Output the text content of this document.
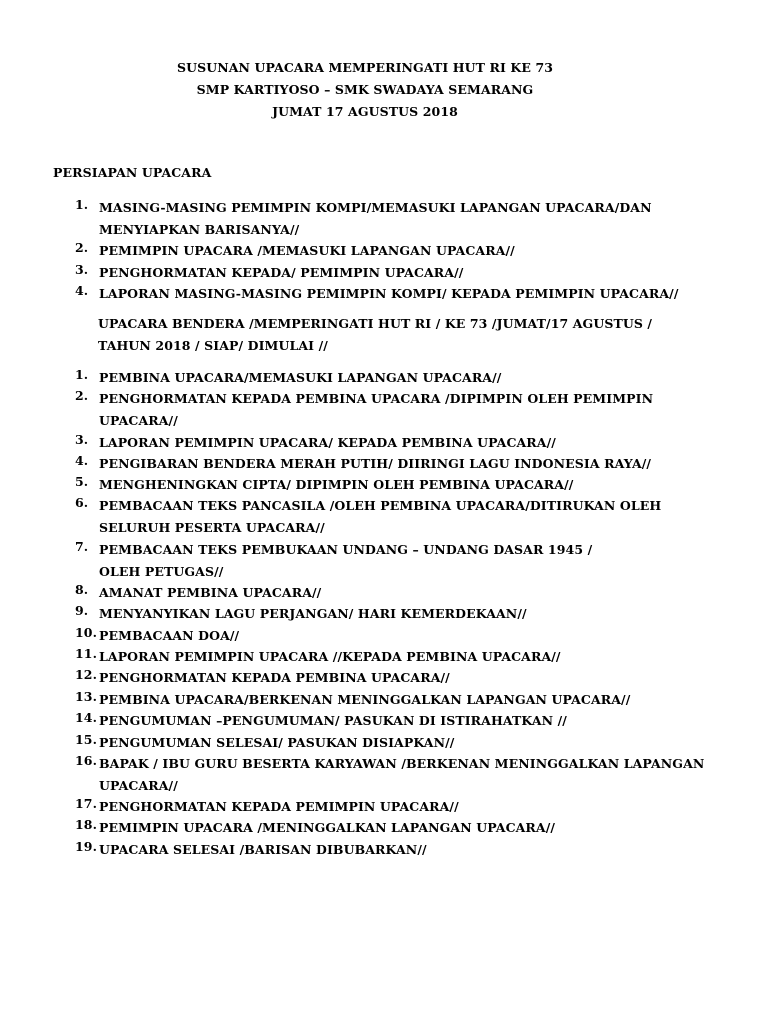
SUSUNAN UPACARA MEMPERINGATI HUT RI KE 73
SMP KARTIYOSO – SMK SWADAYA SEMARANG
JUMAT 17 AGUSTUS 2018
PERSIAPAN UPACARA
1. MASING-MASING PEMIMPIN KOMPI/MEMASUKI LAPANGAN UPACARA/DAN
MENYIAPKAN BARISANYA//
2. PEMIMPIN UPACARA /MEMASUKI LAPANGAN UPACARA//
3. PENGHORMATAN KEPADA/ PEMIMPIN UPACARA//
4. LAPORAN MASING-MASING PEMIMPIN KOMPI/ KEPADA PEMIMPIN UPACARA//
UPACARA BENDERA /MEMPERINGATI HUT RI / KE 73 /JUMAT/17 AGUSTUS /
TAHUN 2018 / SIAP/ DIMULAI //
1. PEMBINA UPACARA/MEMASUKI LAPANGAN UPACARA//
2. PENGHORMATAN KEPADA PEMBINA UPACARA /DIPIMPIN OLEH PEMIMPIN
UPACARA//
3. LAPORAN PEMIMPIN UPACARA/ KEPADA PEMBINA UPACARA//
4. PENGIBARAN BENDERA MERAH PUTIH/ DIIRINGI LAGU INDONESIA RAYA//
5. MENGHENINGKAN CIPTA/ DIPIMPIN OLEH PEMBINA UPACARA//
6. PEMBACAAN TEKS PANCASILA /OLEH PEMBINA UPACARA/DITIRUKAN OLEH
SELURUH PESERTA UPACARA//
7. PEMBACAAN TEKS PEMBUKAAN UNDANG – UNDANG DASAR 1945 /
OLEH PETUGAS//
8. AMANAT PEMBINA UPACARA//
9. MENYANYIKAN LAGU PERJANGAN/ HARI KEMERDEKAAN//
10. PEMBACAAN DOA//
11. LAPORAN PEMIMPIN UPACARA //KEPADA PEMBINA UPACARA//
12. PENGHORMATAN KEPADA PEMBINA UPACARA//
13. PEMBINA UPACARA/BERKENAN MENINGGALKAN LAPANGAN UPACARA//
14. PENGUMUMAN –PENGUMUMAN/ PASUKAN DI ISTIRAHATKAN //
15. PENGUMUMAN SELESAI/ PASUKAN DISIAPKAN//
16. BAPAK / IBU GURU BESERTA KARYAWAN /BERKENAN MENINGGALKAN LAPANGAN
UPACARA//
17. PENGHORMATAN KEPADA PEMIMPIN UPACARA//
18. PEMIMPIN UPACARA /MENINGGALKAN LAPANGAN UPACARA//
19. UPACARA SELESAI /BARISAN DIBUBARKAN//
